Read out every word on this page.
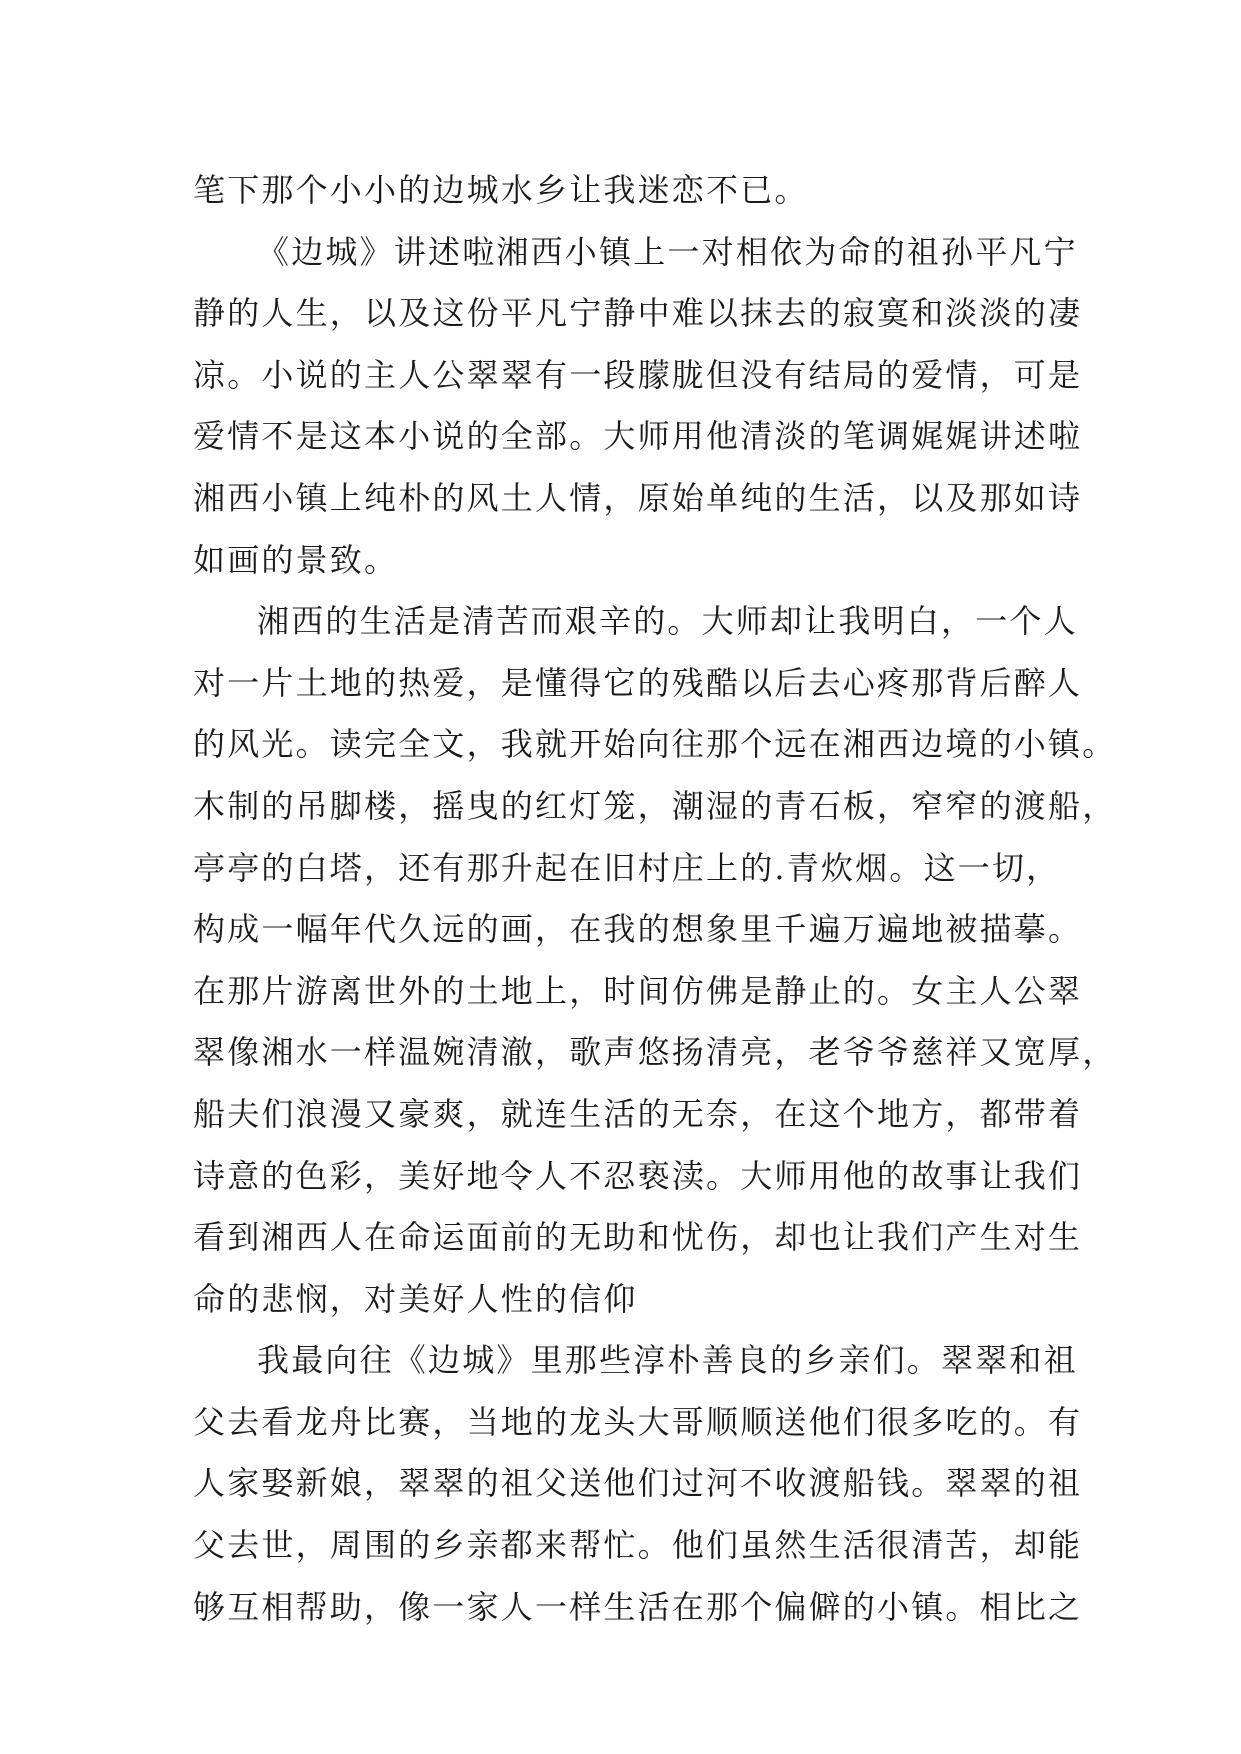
笔下那个小小的边城水乡让我迷恋不已。
《边城》讲述啦湘西小镇上一对相依为命的祖孙平凡宁
静的人生，以及这份平凡宁静中难以抹去的寂寞和淡淡的凄
凉。小说的主人公翠翠有一段朦胧但没有结局的爱情，可是
爱情不是这本小说的全部。大师用他清淡的笔调娓娓讲述啦
湘西小镇上纯朴的风土人情，原始单纯的生活，以及那如诗
如画的景致。
湘西的生活是清苦而艰辛的。大师却让我明白，一个人
对一片土地的热爱，是懂得它的残酷以后去心疼那背后醉人
的风光。读完全文，我就开始向往那个远在湘西边境的小镇。
木制的吊脚楼，摇曳的红灯笼，潮湿的青石板，窄窄的渡船，
亭亭的白塔，还有那升起在旧村庄上的.青炊烟。这一切，
构成一幅年代久远的画，在我的想象里千遍万遍地被描摹。
在那片游离世外的土地上，时间仿佛是静止的。女主人公翠
翠像湘水一样温婉清澈，歌声悠扬清亮，老爷爷慈祥又宽厚，
船夫们浪漫又豪爽，就连生活的无奈，在这个地方，都带着
诗意的色彩，美好地令人不忍亵渎。大师用他的故事让我们
看到湘西人在命运面前的无助和忧伤，却也让我们产生对生
命的悲悯，对美好人性的信仰
我最向往《边城》里那些淳朴善良的乡亲们。翠翠和祖
父去看龙舟比赛，当地的龙头大哥顺顺送他们很多吃的。有
人家娶新娘，翠翠的祖父送他们过河不收渡船钱。翠翠的祖
父去世，周围的乡亲都来帮忙。他们虽然生活很清苦，却能
够互相帮助，像一家人一样生活在那个偏僻的小镇。相比之
